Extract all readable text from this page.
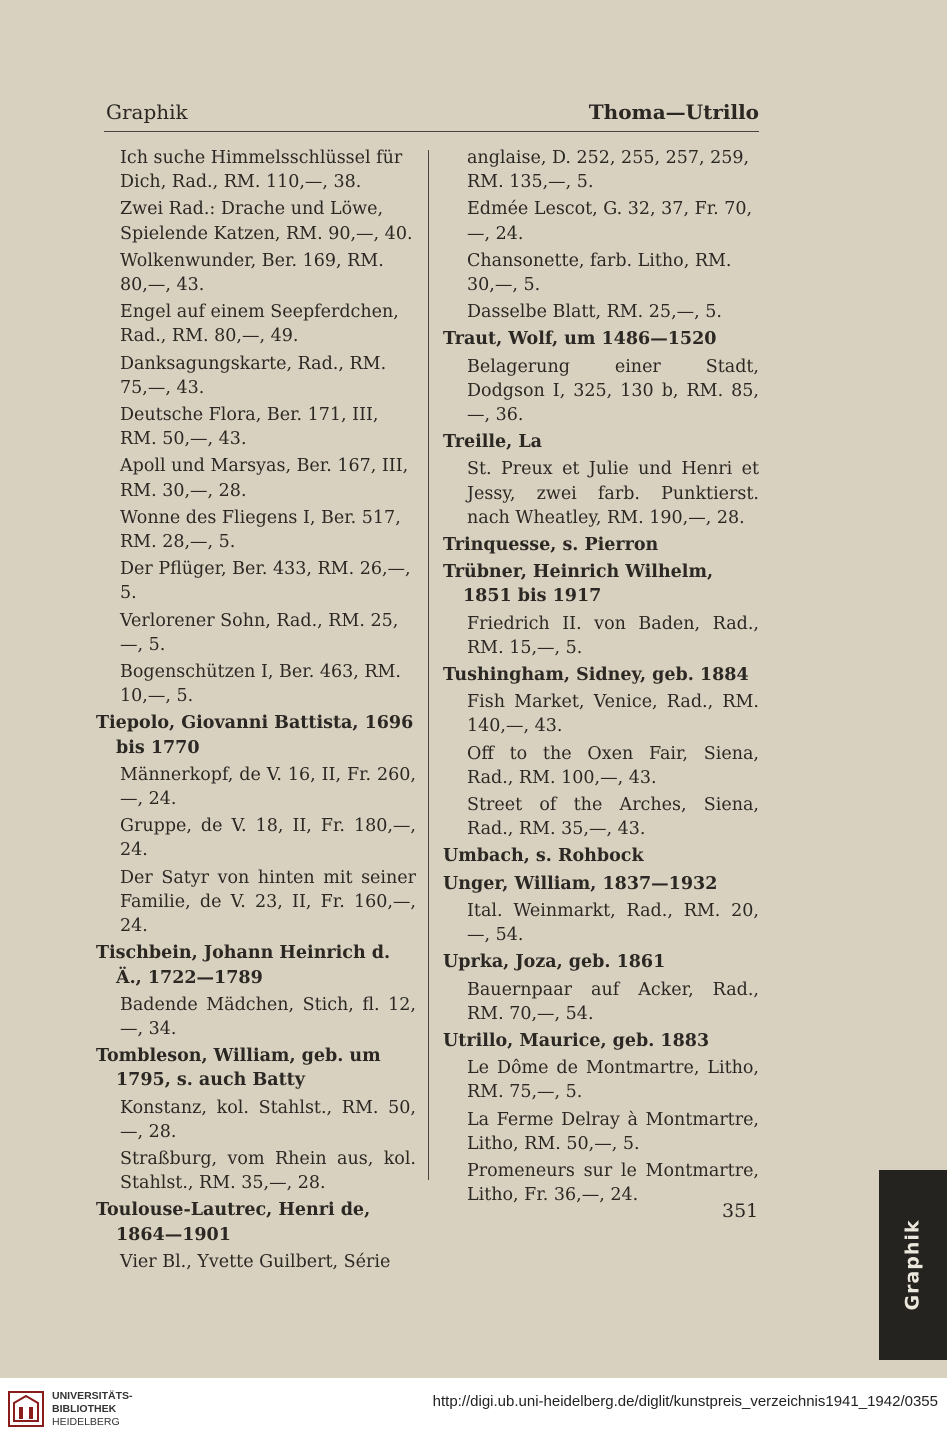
Graphik	Thoma—Utrillo
Ich suche Himmelsschlüssel für Dich, Rad., RM. 110,—, 38.
Zwei Rad.: Drache und Löwe, Spielende Katzen, RM. 90,—, 40.
Wolkenwunder, Ber. 169, RM. 80,—, 43.
Engel auf einem Seepferdchen, Rad., RM. 80,—, 49.
Danksagungskarte, Rad., RM. 75,—, 43.
Deutsche Flora, Ber. 171, III, RM. 50,—, 43.
Apoll und Marsyas, Ber. 167, III, RM. 30,—, 28.
Wonne des Fliegens I, Ber. 517, RM. 28,—, 5.
Der Pflüger, Ber. 433, RM. 26,—, 5.
Verlorener Sohn, Rad., RM. 25,—, 5.
Bogenschützen I, Ber. 463, RM. 10,—, 5.
Tiepolo, Giovanni Battista, 1696 bis 1770
Männerkopf, de V. 16, II, Fr. 260,—, 24.
Gruppe, de V. 18, II, Fr. 180,—, 24.
Der Satyr von hinten mit seiner Familie, de V. 23, II, Fr. 160,—, 24.
Tischbein, Johann Heinrich d. Ä., 1722—1789
Badende Mädchen, Stich, fl. 12,—, 34.
Tombleson, William, geb. um 1795, s. auch Batty
Konstanz, kol. Stahlst., RM. 50,—, 28.
Straßburg, vom Rhein aus, kol. Stahlst., RM. 35,—, 28.
Toulouse-Lautrec, Henri de, 1864—1901
Vier Bl., Yvette Guilbert, Série
anglaise, D. 252, 255, 257, 259, RM. 135,—, 5.
Edmée Lescot, G. 32, 37, Fr. 70,—, 24.
Chansonette, farb. Litho, RM. 30,—, 5.
Dasselbe Blatt, RM. 25,—, 5.
Traut, Wolf, um 1486—1520
Belagerung einer Stadt, Dodgson I, 325, 130 b, RM. 85,—, 36.
Treille, La
St. Preux et Julie und Henri et Jessy, zwei farb. Punktierst. nach Wheatley, RM. 190,—, 28.
Trinquesse, s. Pierron
Trübner, Heinrich Wilhelm, 1851 bis 1917
Friedrich II. von Baden, Rad., RM. 15,—, 5.
Tushingham, Sidney, geb. 1884
Fish Market, Venice, Rad., RM. 140,—, 43.
Off to the Oxen Fair, Siena, Rad., RM. 100,—, 43.
Street of the Arches, Siena, Rad., RM. 35,—, 43.
Umbach, s. Rohbock
Unger, William, 1837—1932
Ital. Weinmarkt, Rad., RM. 20,—, 54.
Uprka, Joza, geb. 1861
Bauernpaar auf Acker, Rad., RM. 70,—, 54.
Utrillo, Maurice, geb. 1883
Le Dôme de Montmartre, Litho, RM. 75,—, 5.
La Ferme Delray à Montmartre, Litho, RM. 50,—, 5.
Promeneurs sur le Montmartre, Litho, Fr. 36,—, 24.
351
Graphik
UNIVERSITÄTS-
BIBLIOTHEK
HEIDELBERG
http://digi.ub.uni-heidelberg.de/diglit/kunstpreis_verzeichnis1941_1942/0355
